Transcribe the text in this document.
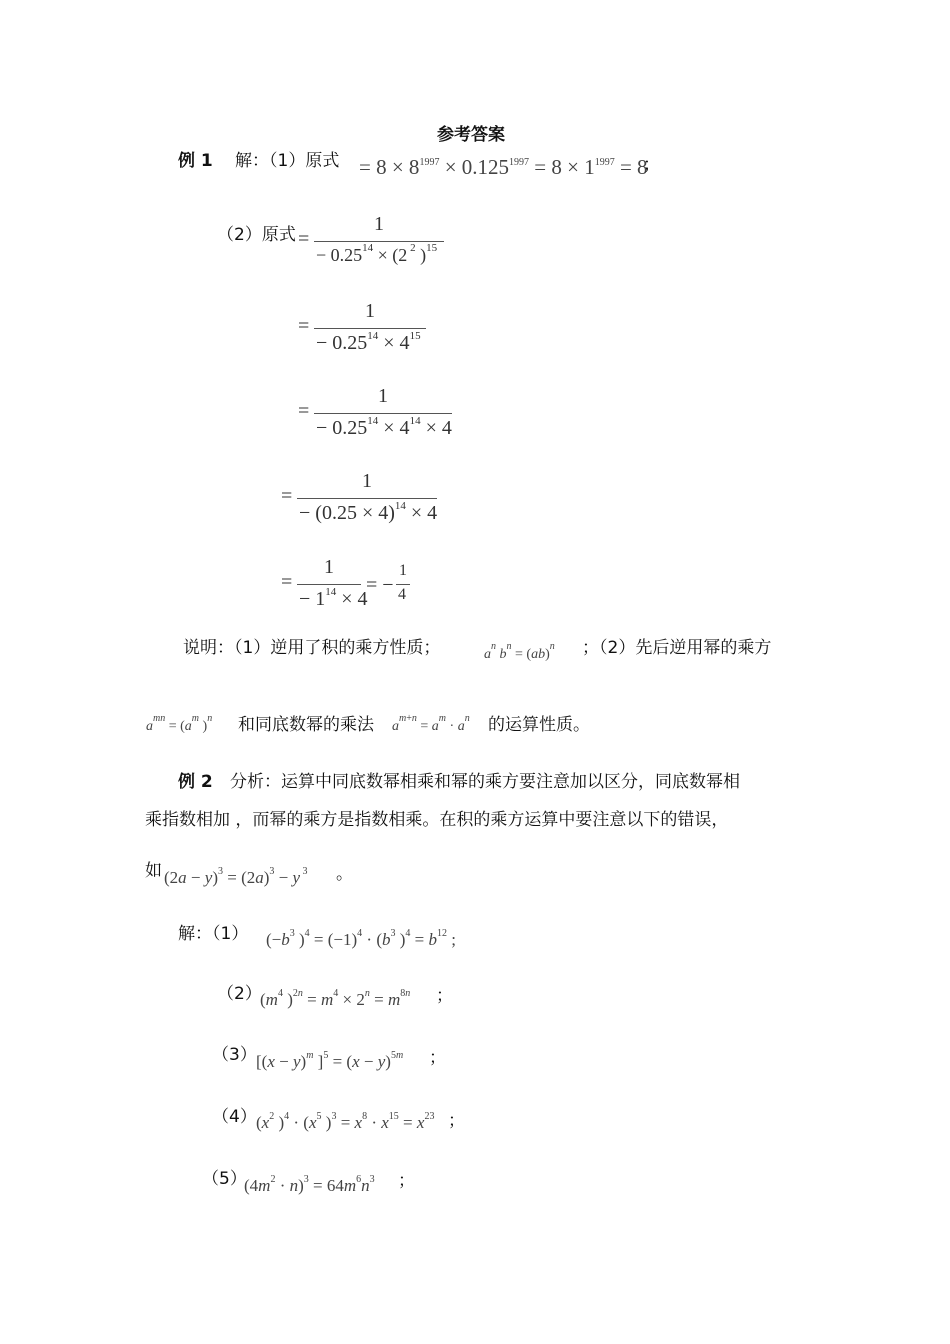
参考答案
例 1 解：（1）原式 = $8 \times 8^{1997} \times 0.125^{1997} = 8 \times 1^{1997} = 8$
；
（2）原式 =
1
− $0.25^{14} \times (2$ $^2$ )$^{15}$
=
1
− $0.25^{14} \times 4^{15}$
=
1
− $0.25^{14} \times 4^{14} \times 4$
=
1
− $(0.25 \times 4)^{14} \times 4$
=
1
− $1^{14} \times 4$
= −
1
4
说明：（1）逆用了积的乘方性质；	$a^n$ $b^n = (ab)^n$ ；（2）先后逆用幂的乘方
$a^{mn} = (a^m$ )$^n$ 和同底数幂的乘法 $a^{m+n} = a^m \cdot a^n$ 的运算性质。
例 2 分析：运算中同底数幂相乘和幂的乘方要注意加以区分，同底数幂相
乘指数相加 ，而幂的乘方是指数相乘。在积的乘方运算中要注意以下的错误，
如 $(2a - y)^3 = (2a)^3 - y$ $^3$ 。
解：（1） ($-b^3$ )$^4 = (-1)^4 \cdot (b^3$ )$^4 = b^{12}$ ;
（2）
($m^4$ )$^{2n} = m^4 \times 2^n = m^{8n}$ ；
（3） [$(x - y)^m$ ]$^5 = (x - y)^{5m}$ ；
（4） ($x^2$ )$^4 \cdot (x^5$ )$^3 = x^8 \cdot x^{15} = x^{23}$ ；
（5）
$(4m^2 \cdot n)^3 = 64m^6n^3$ ；
